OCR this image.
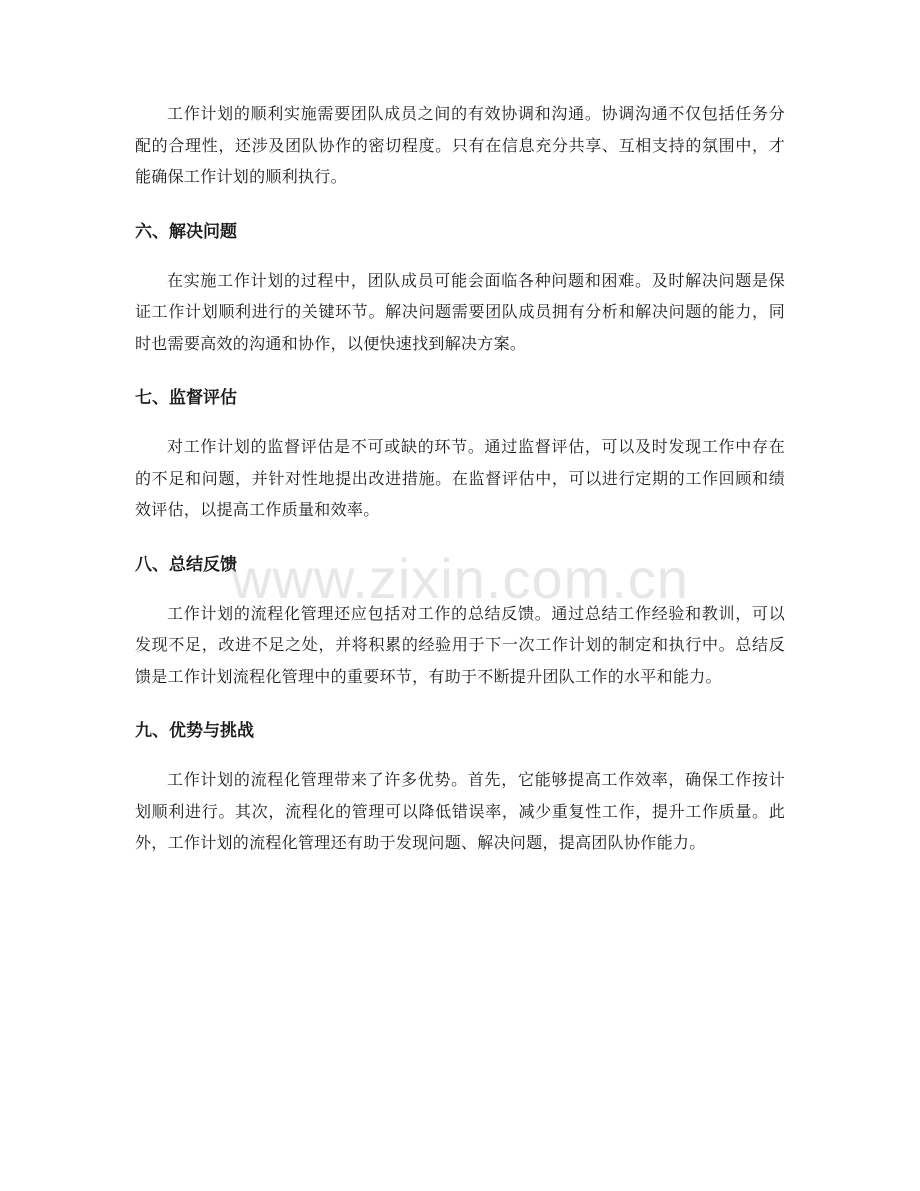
工作计划的顺利实施需要团队成员之间的有效协调和沟通。协调沟通不仅包括任务分配的合理性，还涉及团队协作的密切程度。只有在信息充分共享、互相支持的氛围中，才能确保工作计划的顺利执行。

六、解决问题

在实施工作计划的过程中，团队成员可能会面临各种问题和困难。及时解决问题是保证工作计划顺利进行的关键环节。解决问题需要团队成员拥有分析和解决问题的能力，同时也需要高效的沟通和协作，以便快速找到解决方案。

七、监督评估

对工作计划的监督评估是不可或缺的环节。通过监督评估，可以及时发现工作中存在的不足和问题，并针对性地提出改进措施。在监督评估中，可以进行定期的工作回顾和绩效评估，以提高工作质量和效率。

八、总结反馈

工作计划的流程化管理还应包括对工作的总结反馈。通过总结工作经验和教训，可以发现不足，改进不足之处，并将积累的经验用于下一次工作计划的制定和执行中。总结反馈是工作计划流程化管理中的重要环节，有助于不断提升团队工作的水平和能力。

九、优势与挑战

工作计划的流程化管理带来了许多优势。首先，它能够提高工作效率，确保工作按计划顺利进行。其次，流程化的管理可以降低错误率，减少重复性工作，提升工作质量。此外，工作计划的流程化管理还有助于发现问题、解决问题，提高团队协作能力。

www.zixin.com.cn
